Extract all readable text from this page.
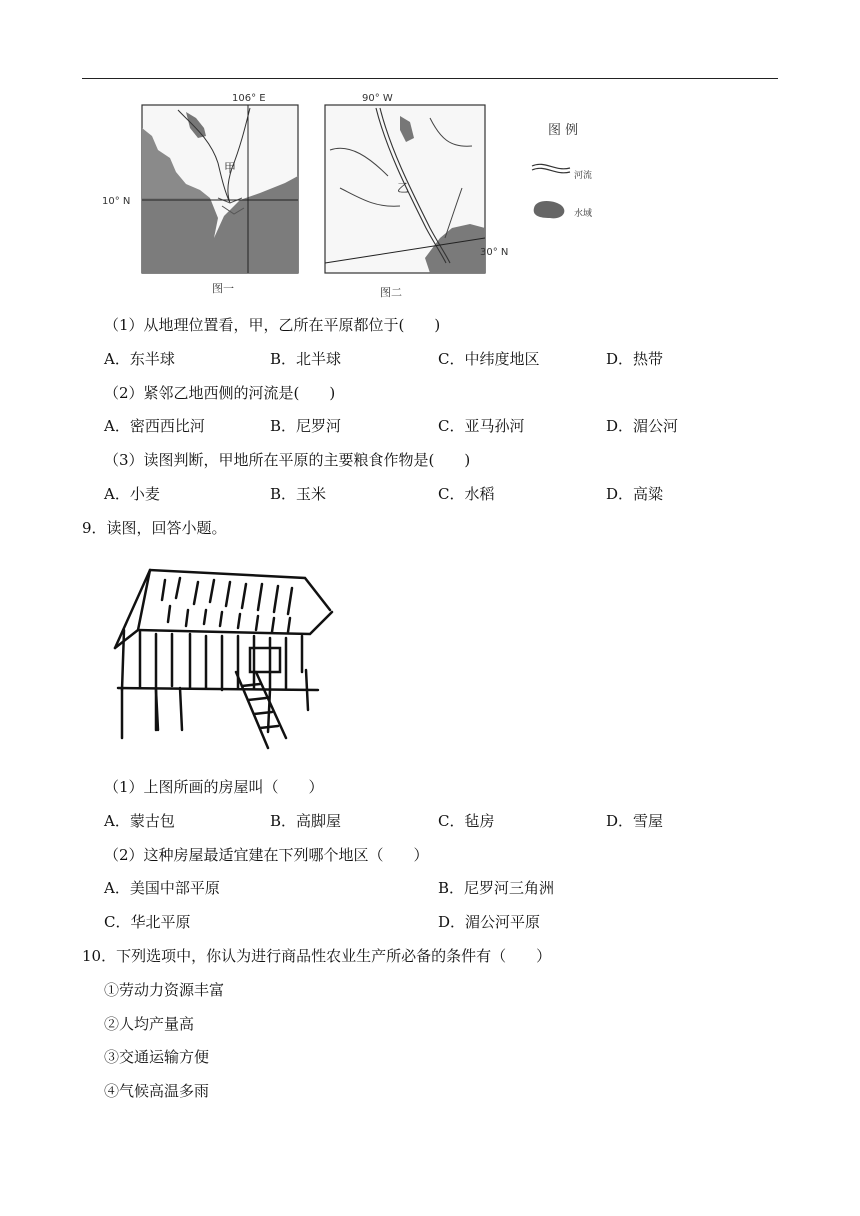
106° E
10° N
甲
图一
90° W
30° N
乙
图二
图 例
河流
水域
（1）从地理位置看，甲，乙所在平原都位于(　　)
A．东半球	B．北半球	C．中纬度地区	D．热带
（2）紧邻乙地西侧的河流是(　　)
A．密西西比河	B．尼罗河	C．亚马孙河	D．湄公河
（3）读图判断，甲地所在平原的主要粮食作物是(　　)
A．小麦	B．玉米	C．水稻	D．高粱
9．读图，回答小题。
（1）上图所画的房屋叫（　　）
A．蒙古包	B．高脚屋	C．毡房	D．雪屋
（2）这种房屋最适宜建在下列哪个地区（　　）
A．美国中部平原	B．尼罗河三角洲
C．华北平原	D．湄公河平原
10．下列选项中，你认为进行商品性农业生产所必备的条件有（　　）
①劳动力资源丰富
②人均产量高
③交通运输方便
④气候高温多雨
